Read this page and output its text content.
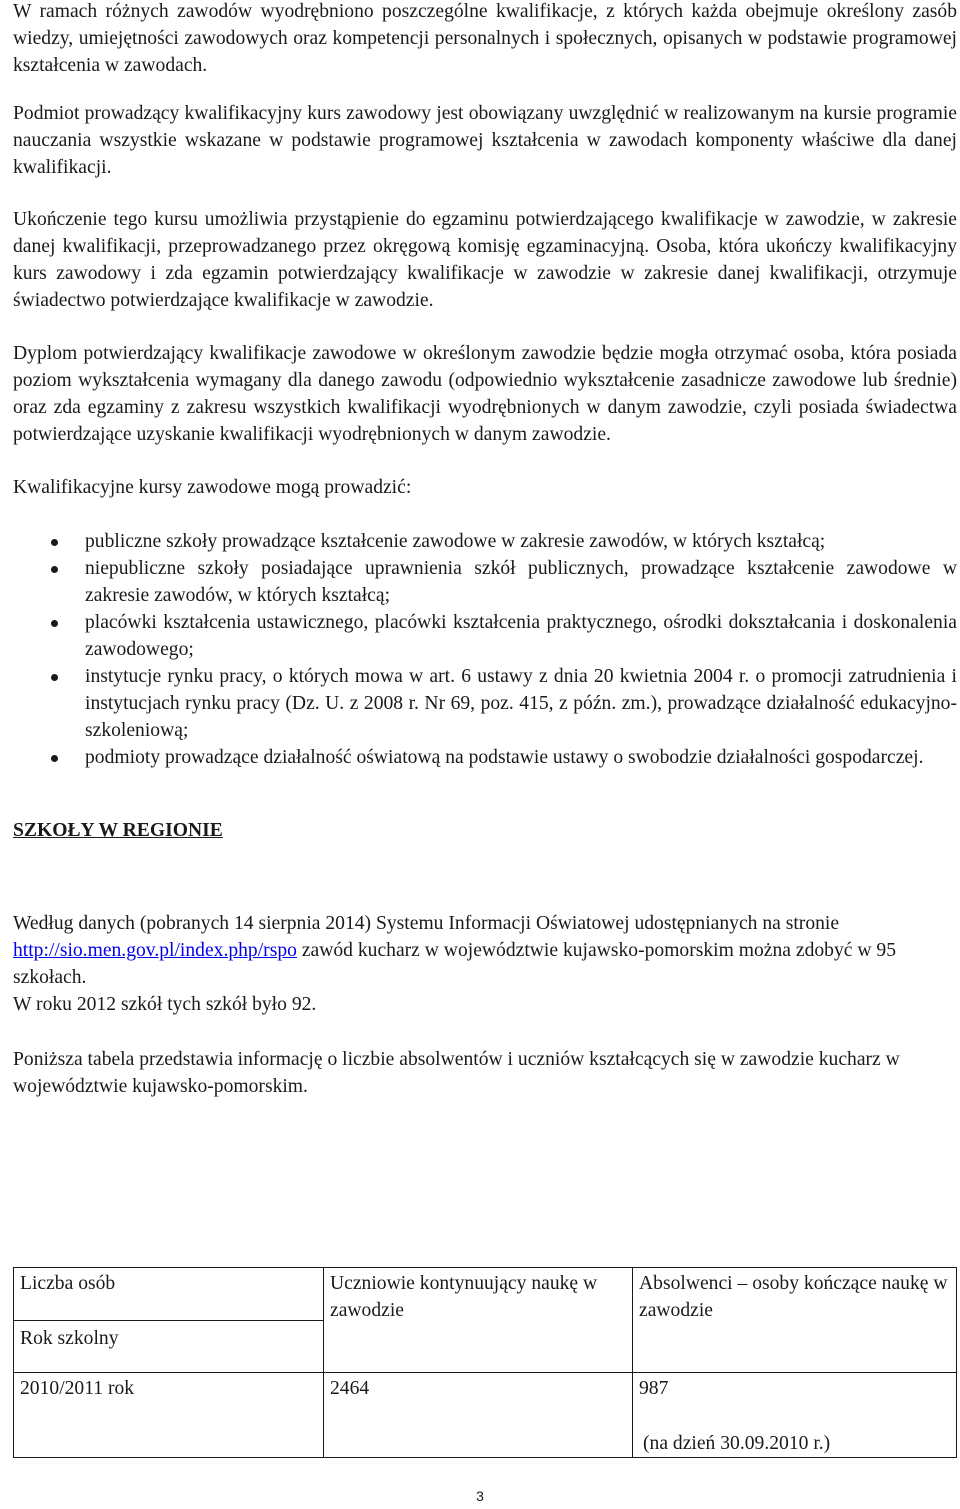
W ramach różnych zawodów wyodrębniono poszczególne kwalifikacje, z których każda obejmuje określony zasób wiedzy, umiejętności zawodowych oraz kompetencji personalnych i społecznych, opisanych w podstawie programowej kształcenia w zawodach.

Podmiot prowadzący kwalifikacyjny kurs zawodowy jest obowiązany uwzględnić w realizowanym na kursie programie nauczania wszystkie wskazane w podstawie programowej kształcenia w zawodach komponenty właściwe dla danej kwalifikacji.

Ukończenie tego kursu umożliwia przystąpienie do egzaminu potwierdzającego kwalifikacje w zawodzie, w zakresie danej kwalifikacji, przeprowadzanego przez okręgową komisję egzaminacyjną. Osoba, która ukończy kwalifikacyjny kurs zawodowy i zda egzamin potwierdzający kwalifikacje w zawodzie w zakresie danej kwalifikacji, otrzymuje świadectwo potwierdzające kwalifikacje w zawodzie.

Dyplom potwierdzający kwalifikacje zawodowe w określonym zawodzie będzie mogła otrzymać osoba, która posiada poziom wykształcenia wymagany dla danego zawodu (odpowiednio wykształcenie zasadnicze zawodowe lub średnie) oraz zda egzaminy z zakresu wszystkich kwalifikacji wyodrębnionych w danym zawodzie, czyli posiada świadectwa potwierdzające uzyskanie kwalifikacji wyodrębnionych w danym zawodzie.

Kwalifikacyjne kursy zawodowe mogą prowadzić:

publiczne szkoły prowadzące kształcenie zawodowe w zakresie zawodów, w których kształcą;
niepubliczne szkoły posiadające uprawnienia szkół publicznych, prowadzące kształcenie zawodowe w zakresie zawodów, w których kształcą;
placówki kształcenia ustawicznego, placówki kształcenia praktycznego, ośrodki dokształcania i doskonalenia zawodowego;
instytucje rynku pracy, o których mowa w art. 6 ustawy z dnia 20 kwietnia 2004 r. o promocji zatrudnienia i instytucjach rynku pracy (Dz. U. z 2008 r. Nr 69, poz. 415, z późn. zm.), prowadzące działalność edukacyjno-szkoleniową;
podmioty prowadzące działalność oświatową na podstawie ustawy o swobodzie działalności gospodarczej.
SZKOŁY W REGIONIE

Według danych (pobranych 14 sierpnia 2014) Systemu Informacji Oświatowej udostępnianych na stronie http://sio.men.gov.pl/index.php/rspo zawód kucharz w województwie kujawsko-pomorskim można zdobyć w 95 szkołach.

W roku 2012 szkół tych szkół było 92.

Poniższa tabela przedstawia informację o liczbie absolwentów i uczniów kształcących się w zawodzie kucharz w województwie kujawsko-pomorskim.

Liczba osób
Rok szkolny	Uczniowie kontynuujący naukę w zawodzie	Absolwenci – osoby kończące naukę w zawodzie
2010/2011 rok	2464	987
(na dzień 30.09.2010 r.)
3
